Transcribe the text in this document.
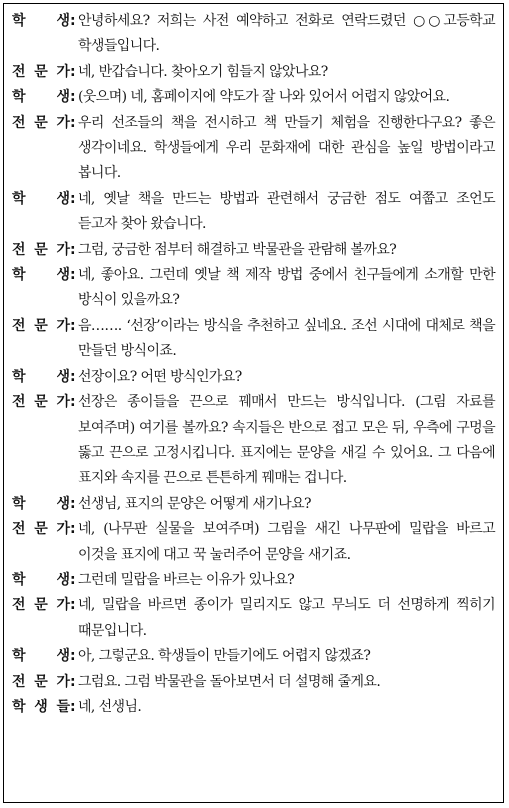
학 생 : 안녕하세요? 저희는 사전 예약하고 전화로 연락드렸던 ○○고등학교 학생들입니다.
전 문 가 : 네, 반갑습니다. 찾아오기 힘들지 않았나요?
학 생 : (웃으며) 네, 홈페이지에 약도가 잘 나와 있어서 어렵지 않았어요.
전 문 가 : 우리 선조들의 책을 전시하고 책 만들기 체험을 진행한다구요? 좋은 생각이네요. 학생들에게 우리 문화재에 대한 관심을 높일 방법이라고 봅니다.
학 생 : 네, 옛날 책을 만드는 방법과 관련해서 궁금한 점도 여쭙고 조언도 듣고자 찾아 왔습니다.
전 문 가 : 그럼, 궁금한 점부터 해결하고 박물관을 관람해 볼까요?
학 생 : 네, 좋아요. 그런데 옛날 책 제작 방법 중에서 친구들에게 소개할 만한 방식이 있을까요?
전 문 가 : 음……. ‘선장’이라는 방식을 추천하고 싶네요. 조선 시대에 대체로 책을 만들던 방식이죠.
학 생 : 선장이요? 어떤 방식인가요?
전 문 가 : 선장은 종이들을 끈으로 꿰매서 만드는 방식입니다. (그림 자료를 보여주며) 여기를 볼까요? 속지들은 반으로 접고 모은 뒤, 우측에 구멍을 뚫고 끈으로 고정시킵니다. 표지에는 문양을 새길 수 있어요. 그 다음에 표지와 속지를 끈으로 튼튼하게 꿰매는 겁니다.
학 생 : 선생님, 표지의 문양은 어떻게 새기나요?
전 문 가 : 네, (나무판 실물을 보여주며) 그림을 새긴 나무판에 밀랍을 바르고 이것을 표지에 대고 꾹 눌러주어 문양을 새기죠.
학 생 : 그런데 밀랍을 바르는 이유가 있나요?
전 문 가 : 네, 밀랍을 바르면 종이가 밀리지도 않고 무늬도 더 선명하게 찍히기 때문입니다.
학 생 : 아, 그렇군요. 학생들이 만들기에도 어렵지 않겠죠?
전 문 가 : 그럼요. 그럼 박물관을 돌아보면서 더 설명해 줄게요.
학 생 들 : 네, 선생님.
